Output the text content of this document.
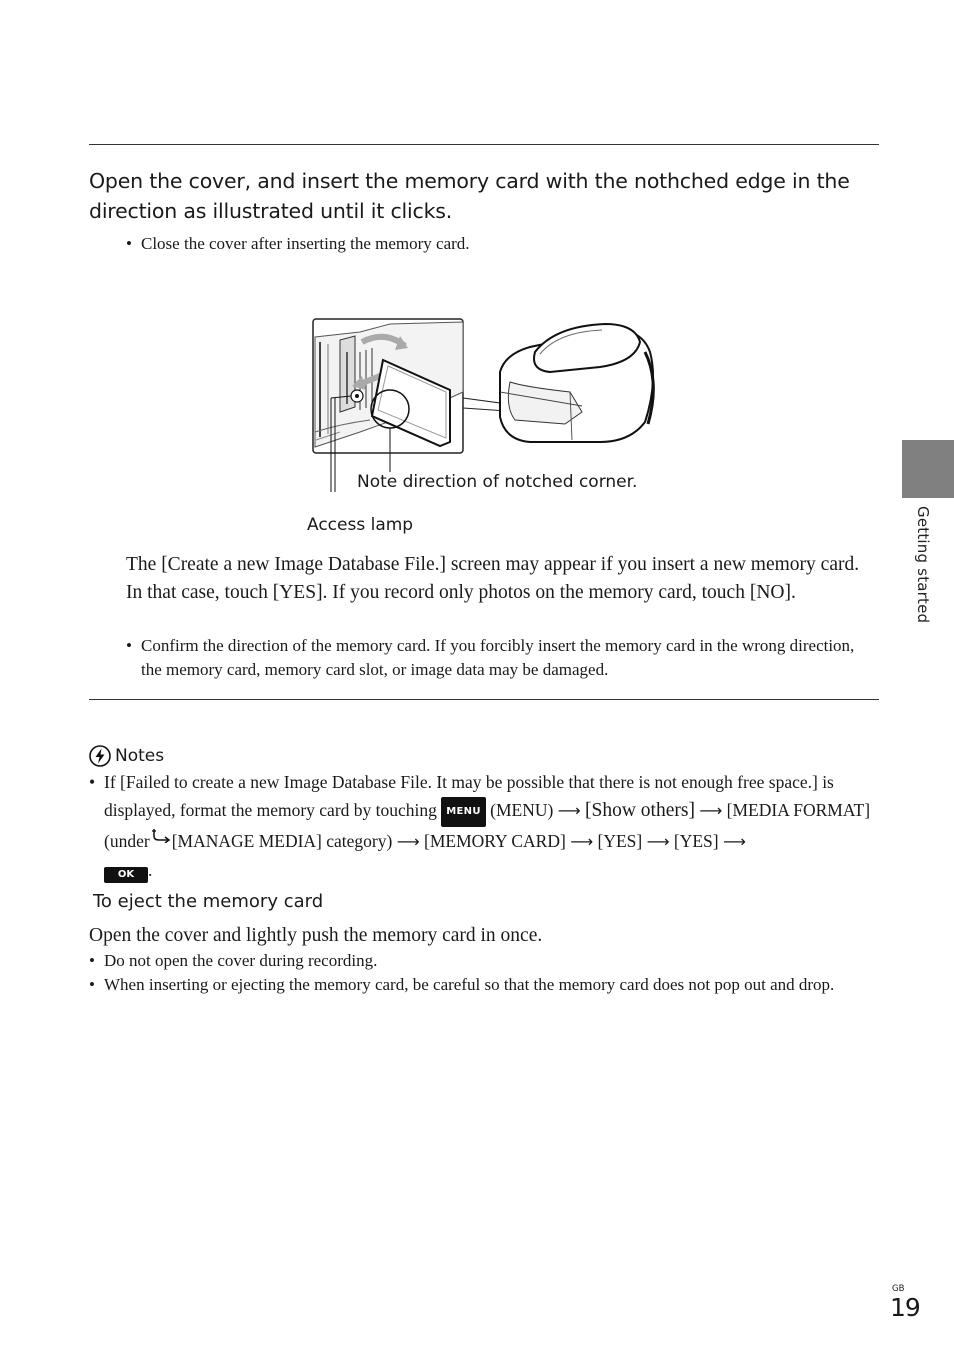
Open the cover, and insert the memory card with the nothched edge in the direction as illustrated until it clicks.
• Close the cover after inserting the memory card.
Note direction of notched corner.
Access lamp
The [Create a new Image Database File.] screen may appear if you insert a new memory card. In that case, touch [YES]. If you record only photos on the memory card, touch [NO].
• Confirm the direction of the memory card. If you forcibly insert the memory card in the wrong direction, the memory card, memory card slot, or image data may be damaged.
Notes
• If [Failed to create a new Image Database File. It may be possible that there is not enough free space.] is displayed, format the memory card by touching MENU (MENU) ⟶ [Show others] ⟶ [MEDIA FORMAT] (under [MANAGE MEDIA] category) ⟶ [MEMORY CARD] ⟶ [YES] ⟶ [YES] ⟶
OK .
To eject the memory card
Open the cover and lightly push the memory card in once.
• Do not open the cover during recording.
• When inserting or ejecting the memory card, be careful so that the memory card does not pop out and drop.
Getting started
GB
19
